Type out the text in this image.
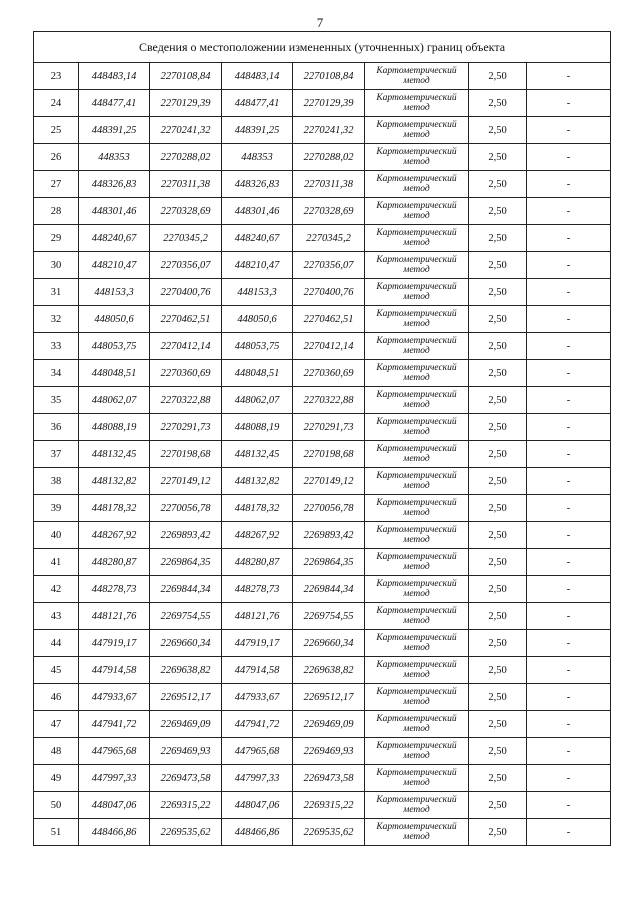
7
Сведения о местоположении измененных (уточненных) границ объекта							
23	448483,14	2270108,84	448483,14	2270108,84	Картометрический метод	2,50	-
24	448477,41	2270129,39	448477,41	2270129,39	Картометрический метод	2,50	-
25	448391,25	2270241,32	448391,25	2270241,32	Картометрический метод	2,50	-
26	448353	2270288,02	448353	2270288,02	Картометрический метод	2,50	-
27	448326,83	2270311,38	448326,83	2270311,38	Картометрический метод	2,50	-
28	448301,46	2270328,69	448301,46	2270328,69	Картометрический метод	2,50	-
29	448240,67	2270345,2	448240,67	2270345,2	Картометрический метод	2,50	-
30	448210,47	2270356,07	448210,47	2270356,07	Картометрический метод	2,50	-
31	448153,3	2270400,76	448153,3	2270400,76	Картометрический метод	2,50	-
32	448050,6	2270462,51	448050,6	2270462,51	Картометрический метод	2,50	-
33	448053,75	2270412,14	448053,75	2270412,14	Картометрический метод	2,50	-
34	448048,51	2270360,69	448048,51	2270360,69	Картометрический метод	2,50	-
35	448062,07	2270322,88	448062,07	2270322,88	Картометрический метод	2,50	-
36	448088,19	2270291,73	448088,19	2270291,73	Картометрический метод	2,50	-
37	448132,45	2270198,68	448132,45	2270198,68	Картометрический метод	2,50	-
38	448132,82	2270149,12	448132,82	2270149,12	Картометрический метод	2,50	-
39	448178,32	2270056,78	448178,32	2270056,78	Картометрический метод	2,50	-
40	448267,92	2269893,42	448267,92	2269893,42	Картометрический метод	2,50	-
41	448280,87	2269864,35	448280,87	2269864,35	Картометрический метод	2,50	-
42	448278,73	2269844,34	448278,73	2269844,34	Картометрический метод	2,50	-
43	448121,76	2269754,55	448121,76	2269754,55	Картометрический метод	2,50	-
44	447919,17	2269660,34	447919,17	2269660,34	Картометрический метод	2,50	-
45	447914,58	2269638,82	447914,58	2269638,82	Картометрический метод	2,50	-
46	447933,67	2269512,17	447933,67	2269512,17	Картометрический метод	2,50	-
47	447941,72	2269469,09	447941,72	2269469,09	Картометрический метод	2,50	-
48	447965,68	2269469,93	447965,68	2269469,93	Картометрический метод	2,50	-
49	447997,33	2269473,58	447997,33	2269473,58	Картометрический метод	2,50	-
50	448047,06	2269315,22	448047,06	2269315,22	Картометрический метод	2,50	-
51	448466,86	2269535,62	448466,86	2269535,62	Картометрический метод	2,50	-
